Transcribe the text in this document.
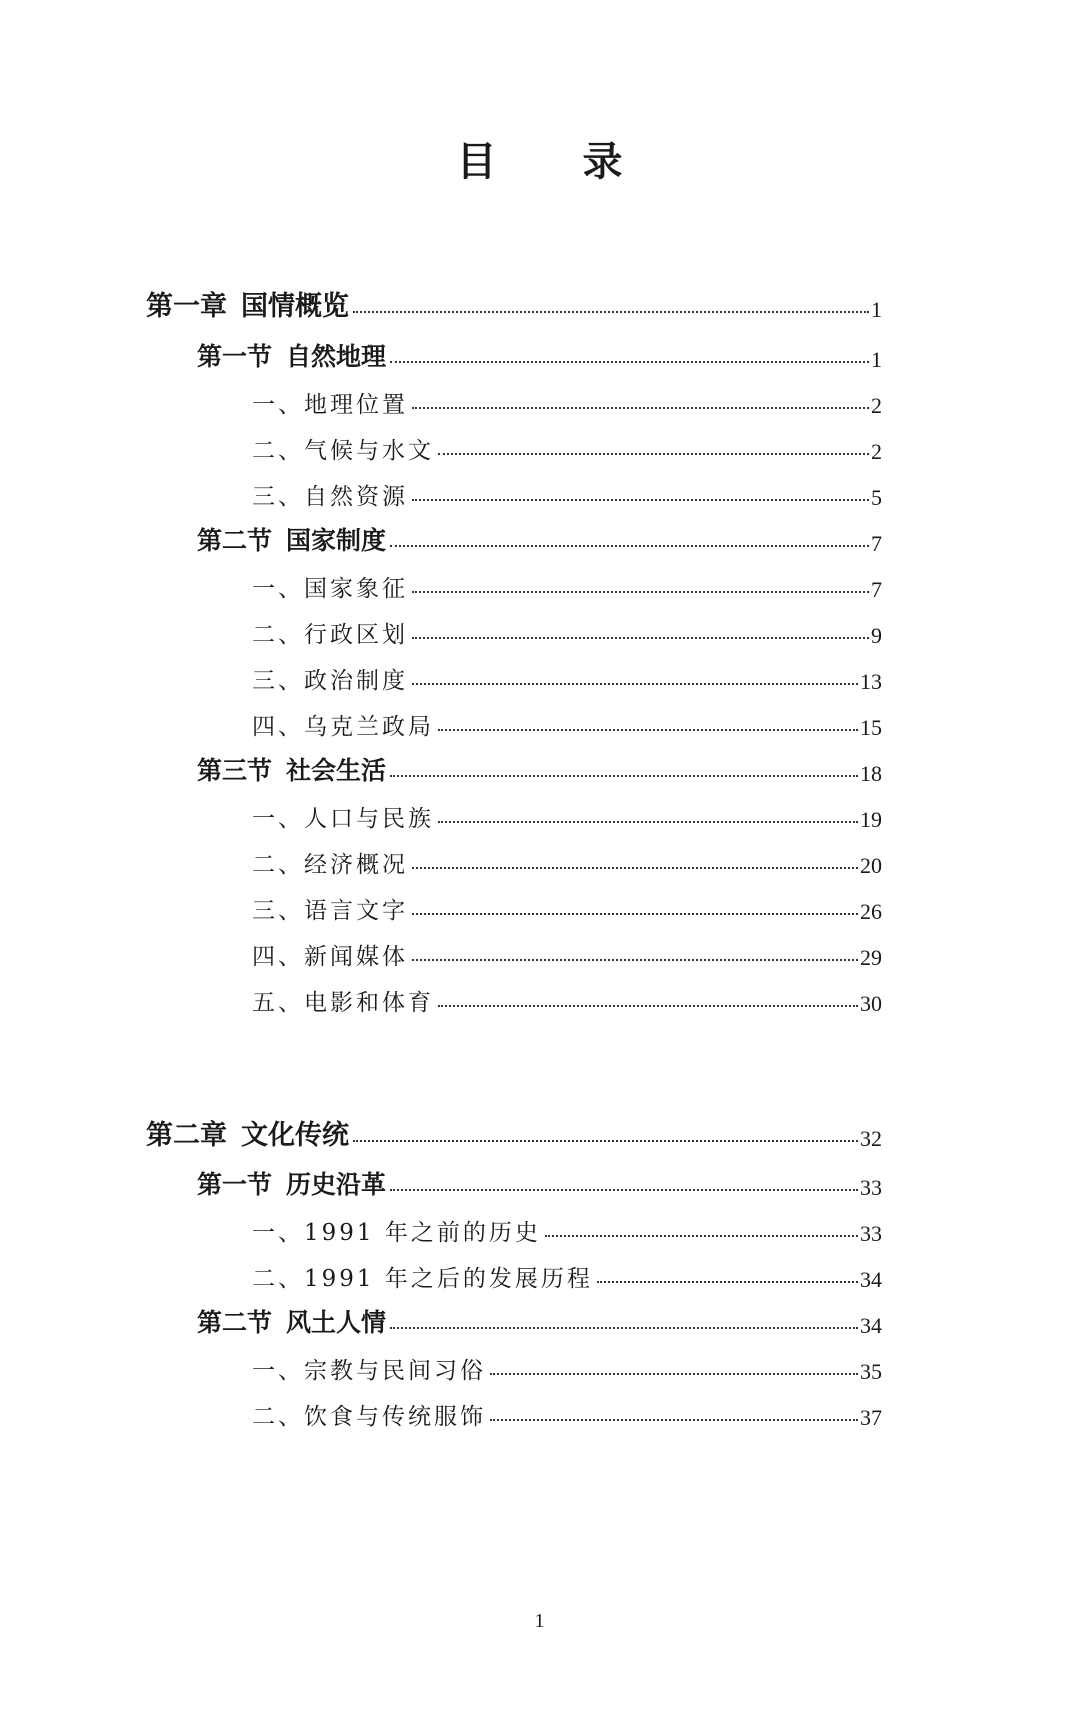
目 录
第一章 国情概览	1
第一节 自然地理	1
一、地理位置	2
二、气候与水文	2
三、自然资源	5
第二节 国家制度	7
一、国家象征	7
二、行政区划	9
三、政治制度	13
四、乌克兰政局	15
第三节 社会生活	18
一、人口与民族	19
二、经济概况	20
三、语言文字	26
四、新闻媒体	29
五、电影和体育	30
第二章 文化传统	32
第一节 历史沿革	33
一、1991 年之前的历史	33
二、1991 年之后的发展历程	34
第二节 风土人情	34
一、宗教与民间习俗	35
二、饮食与传统服饰	37
1
